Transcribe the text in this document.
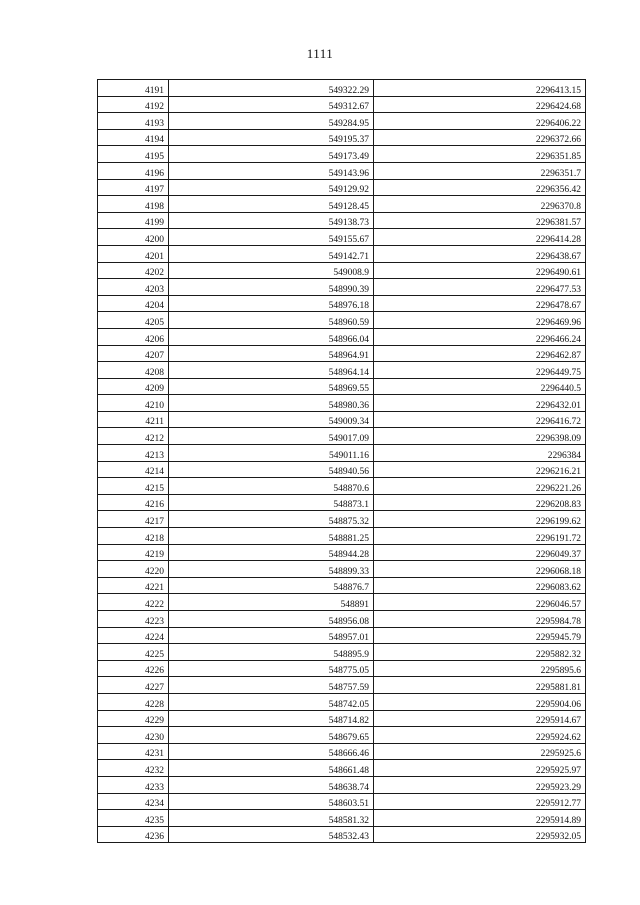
1111
4191	549322.29	2296413.15
4192	549312.67	2296424.68
4193	549284.95	2296406.22
4194	549195.37	2296372.66
4195	549173.49	2296351.85
4196	549143.96	2296351.7
4197	549129.92	2296356.42
4198	549128.45	2296370.8
4199	549138.73	2296381.57
4200	549155.67	2296414.28
4201	549142.71	2296438.67
4202	549008.9	2296490.61
4203	548990.39	2296477.53
4204	548976.18	2296478.67
4205	548960.59	2296469.96
4206	548966.04	2296466.24
4207	548964.91	2296462.87
4208	548964.14	2296449.75
4209	548969.55	2296440.5
4210	548980.36	2296432.01
4211	549009.34	2296416.72
4212	549017.09	2296398.09
4213	549011.16	2296384
4214	548940.56	2296216.21
4215	548870.6	2296221.26
4216	548873.1	2296208.83
4217	548875.32	2296199.62
4218	548881.25	2296191.72
4219	548944.28	2296049.37
4220	548899.33	2296068.18
4221	548876.7	2296083.62
4222	548891	2296046.57
4223	548956.08	2295984.78
4224	548957.01	2295945.79
4225	548895.9	2295882.32
4226	548775.05	2295895.6
4227	548757.59	2295881.81
4228	548742.05	2295904.06
4229	548714.82	2295914.67
4230	548679.65	2295924.62
4231	548666.46	2295925.6
4232	548661.48	2295925.97
4233	548638.74	2295923.29
4234	548603.51	2295912.77
4235	548581.32	2295914.89
4236	548532.43	2295932.05
